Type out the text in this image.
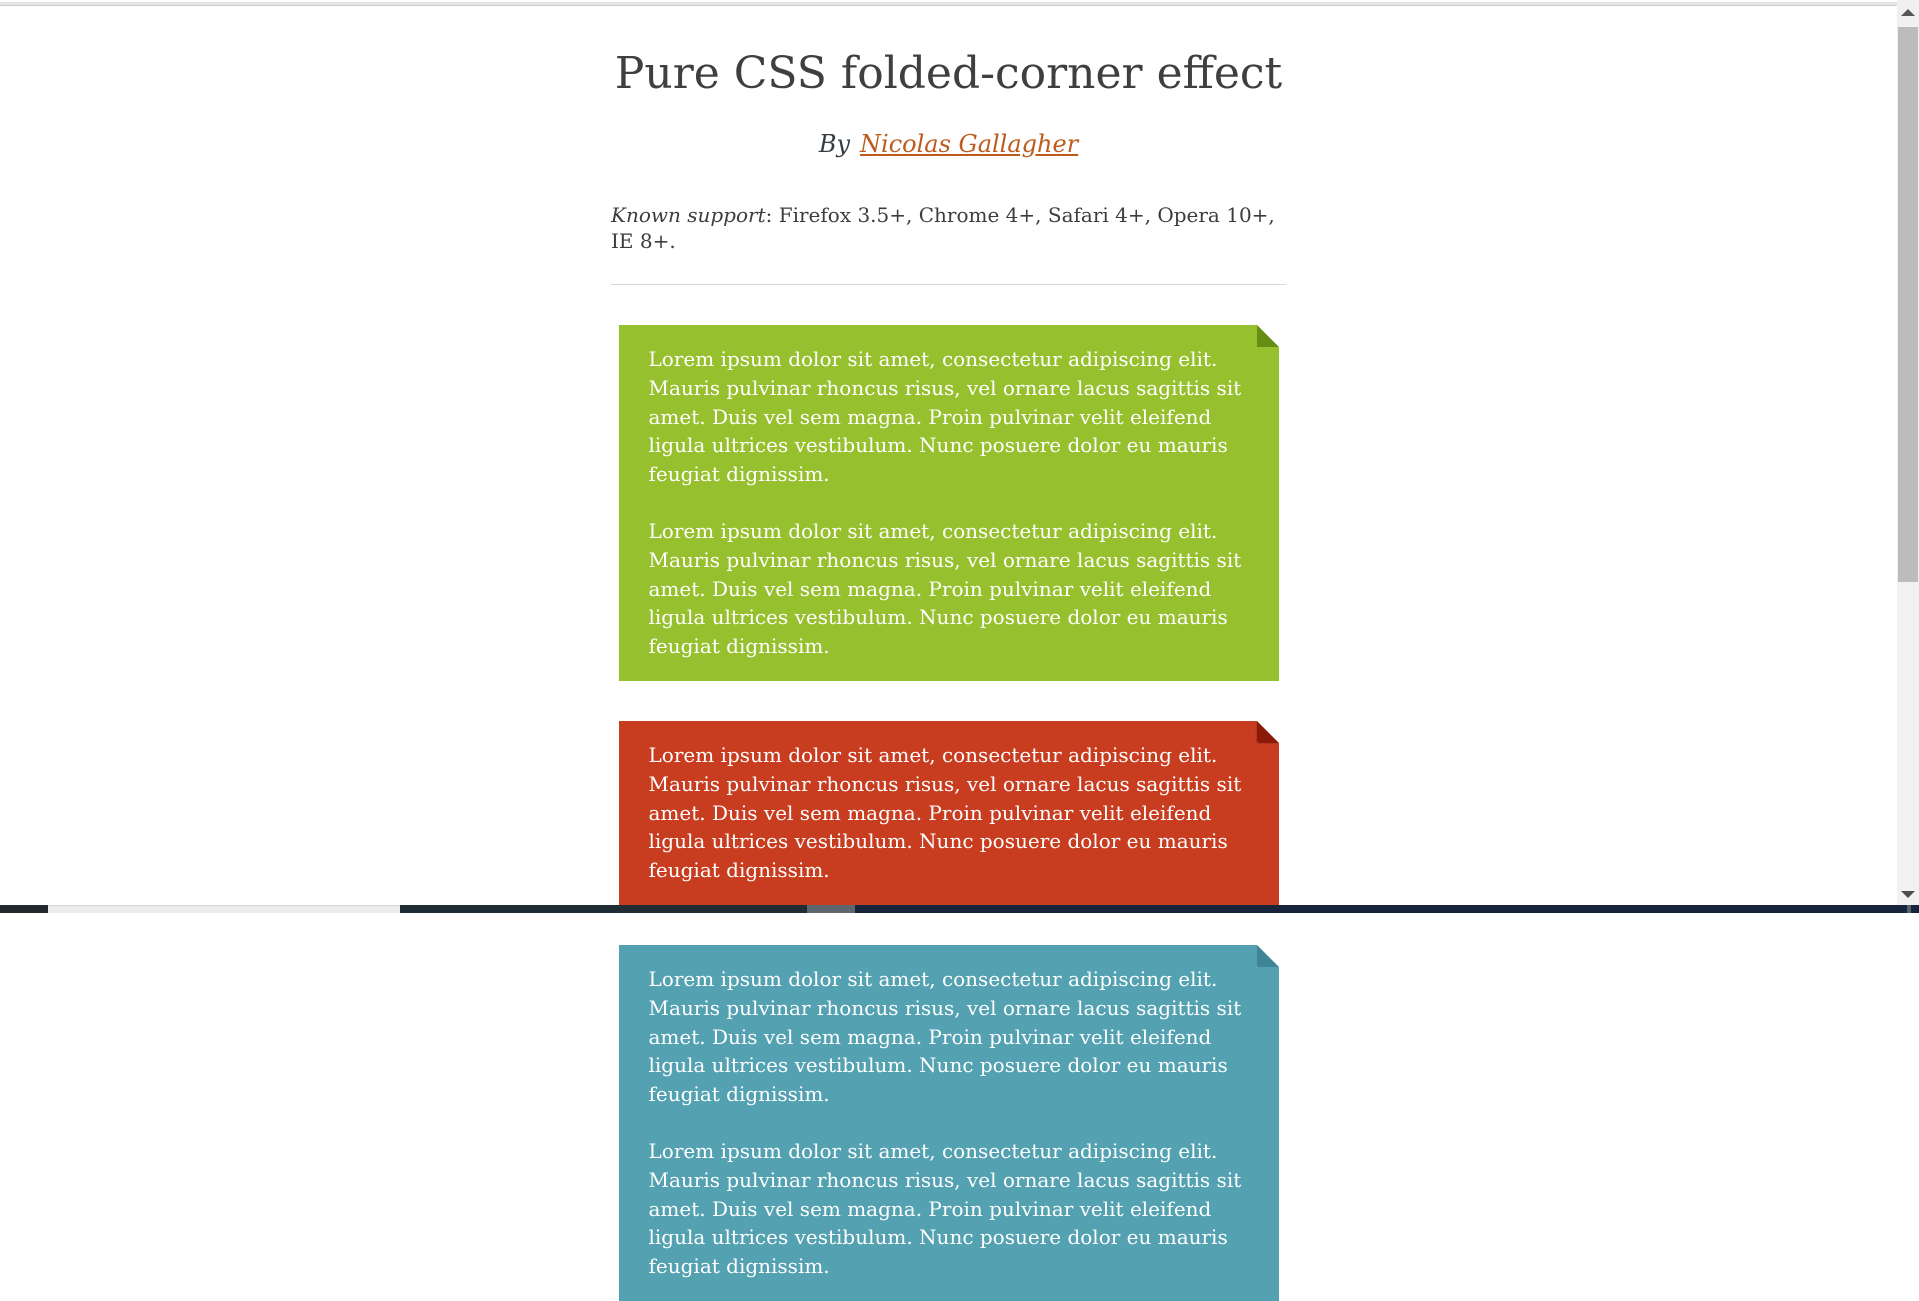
Pure CSS folded-corner effect

By Nicolas Gallagher

Known support: Firefox 3.5+, Chrome 4+, Safari 4+, Opera 10+, IE 8+.

Lorem ipsum dolor sit amet, consectetur adipiscing elit. Mauris pulvinar rhoncus risus, vel ornare lacus sagittis sit amet. Duis vel sem magna. Proin pulvinar velit eleifend ligula ultrices vestibulum. Nunc posuere dolor eu mauris feugiat dignissim.

Lorem ipsum dolor sit amet, consectetur adipiscing elit. Mauris pulvinar rhoncus risus, vel ornare lacus sagittis sit amet. Duis vel sem magna. Proin pulvinar velit eleifend ligula ultrices vestibulum. Nunc posuere dolor eu mauris feugiat dignissim.

Lorem ipsum dolor sit amet, consectetur adipiscing elit. Mauris pulvinar rhoncus risus, vel ornare lacus sagittis sit amet. Duis vel sem magna. Proin pulvinar velit eleifend ligula ultrices vestibulum. Nunc posuere dolor eu mauris feugiat dignissim.

Lorem ipsum dolor sit amet, consectetur adipiscing elit. Mauris pulvinar rhoncus risus, vel ornare lacus sagittis sit amet. Duis vel sem magna. Proin pulvinar velit eleifend ligula ultrices vestibulum. Nunc posuere dolor eu mauris feugiat dignissim.

Lorem ipsum dolor sit amet, consectetur adipiscing elit. Mauris pulvinar rhoncus risus, vel ornare lacus sagittis sit amet. Duis vel sem magna. Proin pulvinar velit eleifend ligula ultrices vestibulum. Nunc posuere dolor eu mauris feugiat dignissim.
